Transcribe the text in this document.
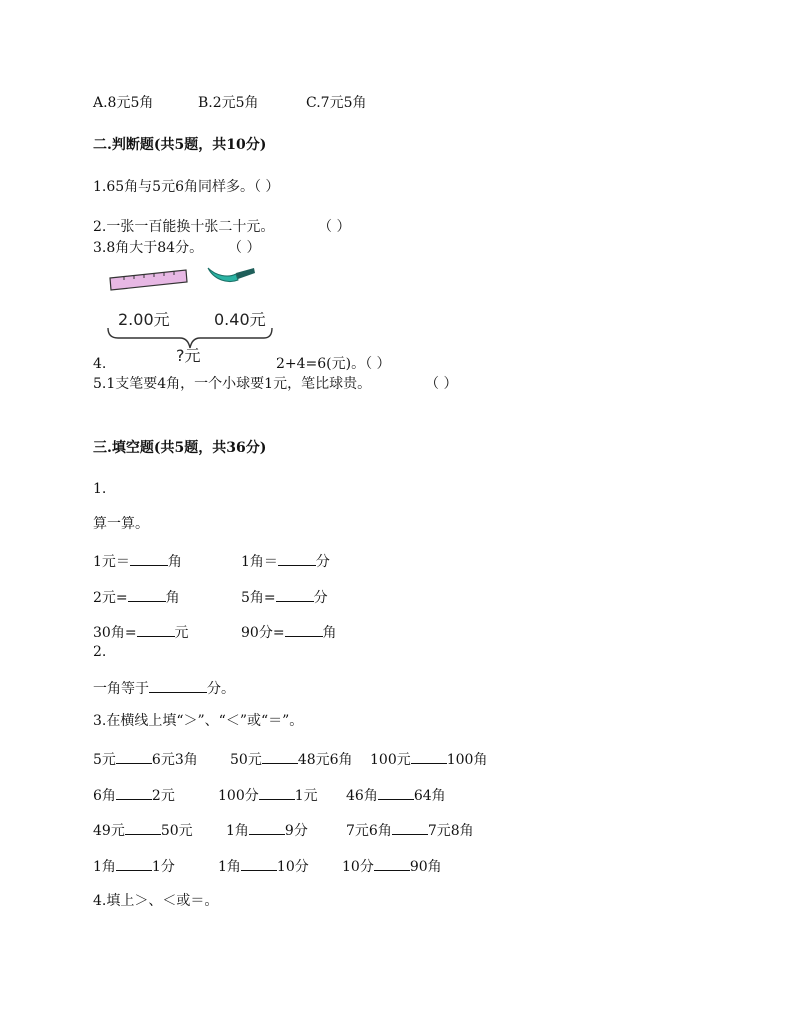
A.8元5角	B.2元5角	C.7元5角
二.判断题(共5题，共10分)
1.65角与5元6角同样多。（ ）
2.一张一百能换十张二十元。	（ ）
3.8角大于84分。 （ ）
2.00元	0.40元
?元
4.	2+4=6(元)。（ ）
5.1支笔要4角，一个小球要1元，笔比球贵。	（ ）
三.填空题(共5题，共36分)
1.
算一算。
1元＝	角	1角＝	分
2元=	角	5角=	分
30角=	元	90分=	角
2.
一角等于	分。
3.在横线上填“＞”、“＜”或“＝”。
5元	6元3角 50元	48元6角 100元	100角
6角	2元	100分	1元 46角	64角
49元	50元 1角	9分	7元6角	7元8角
1角	1分	1角	10分 10分	90角
4.填上＞、＜或＝。
